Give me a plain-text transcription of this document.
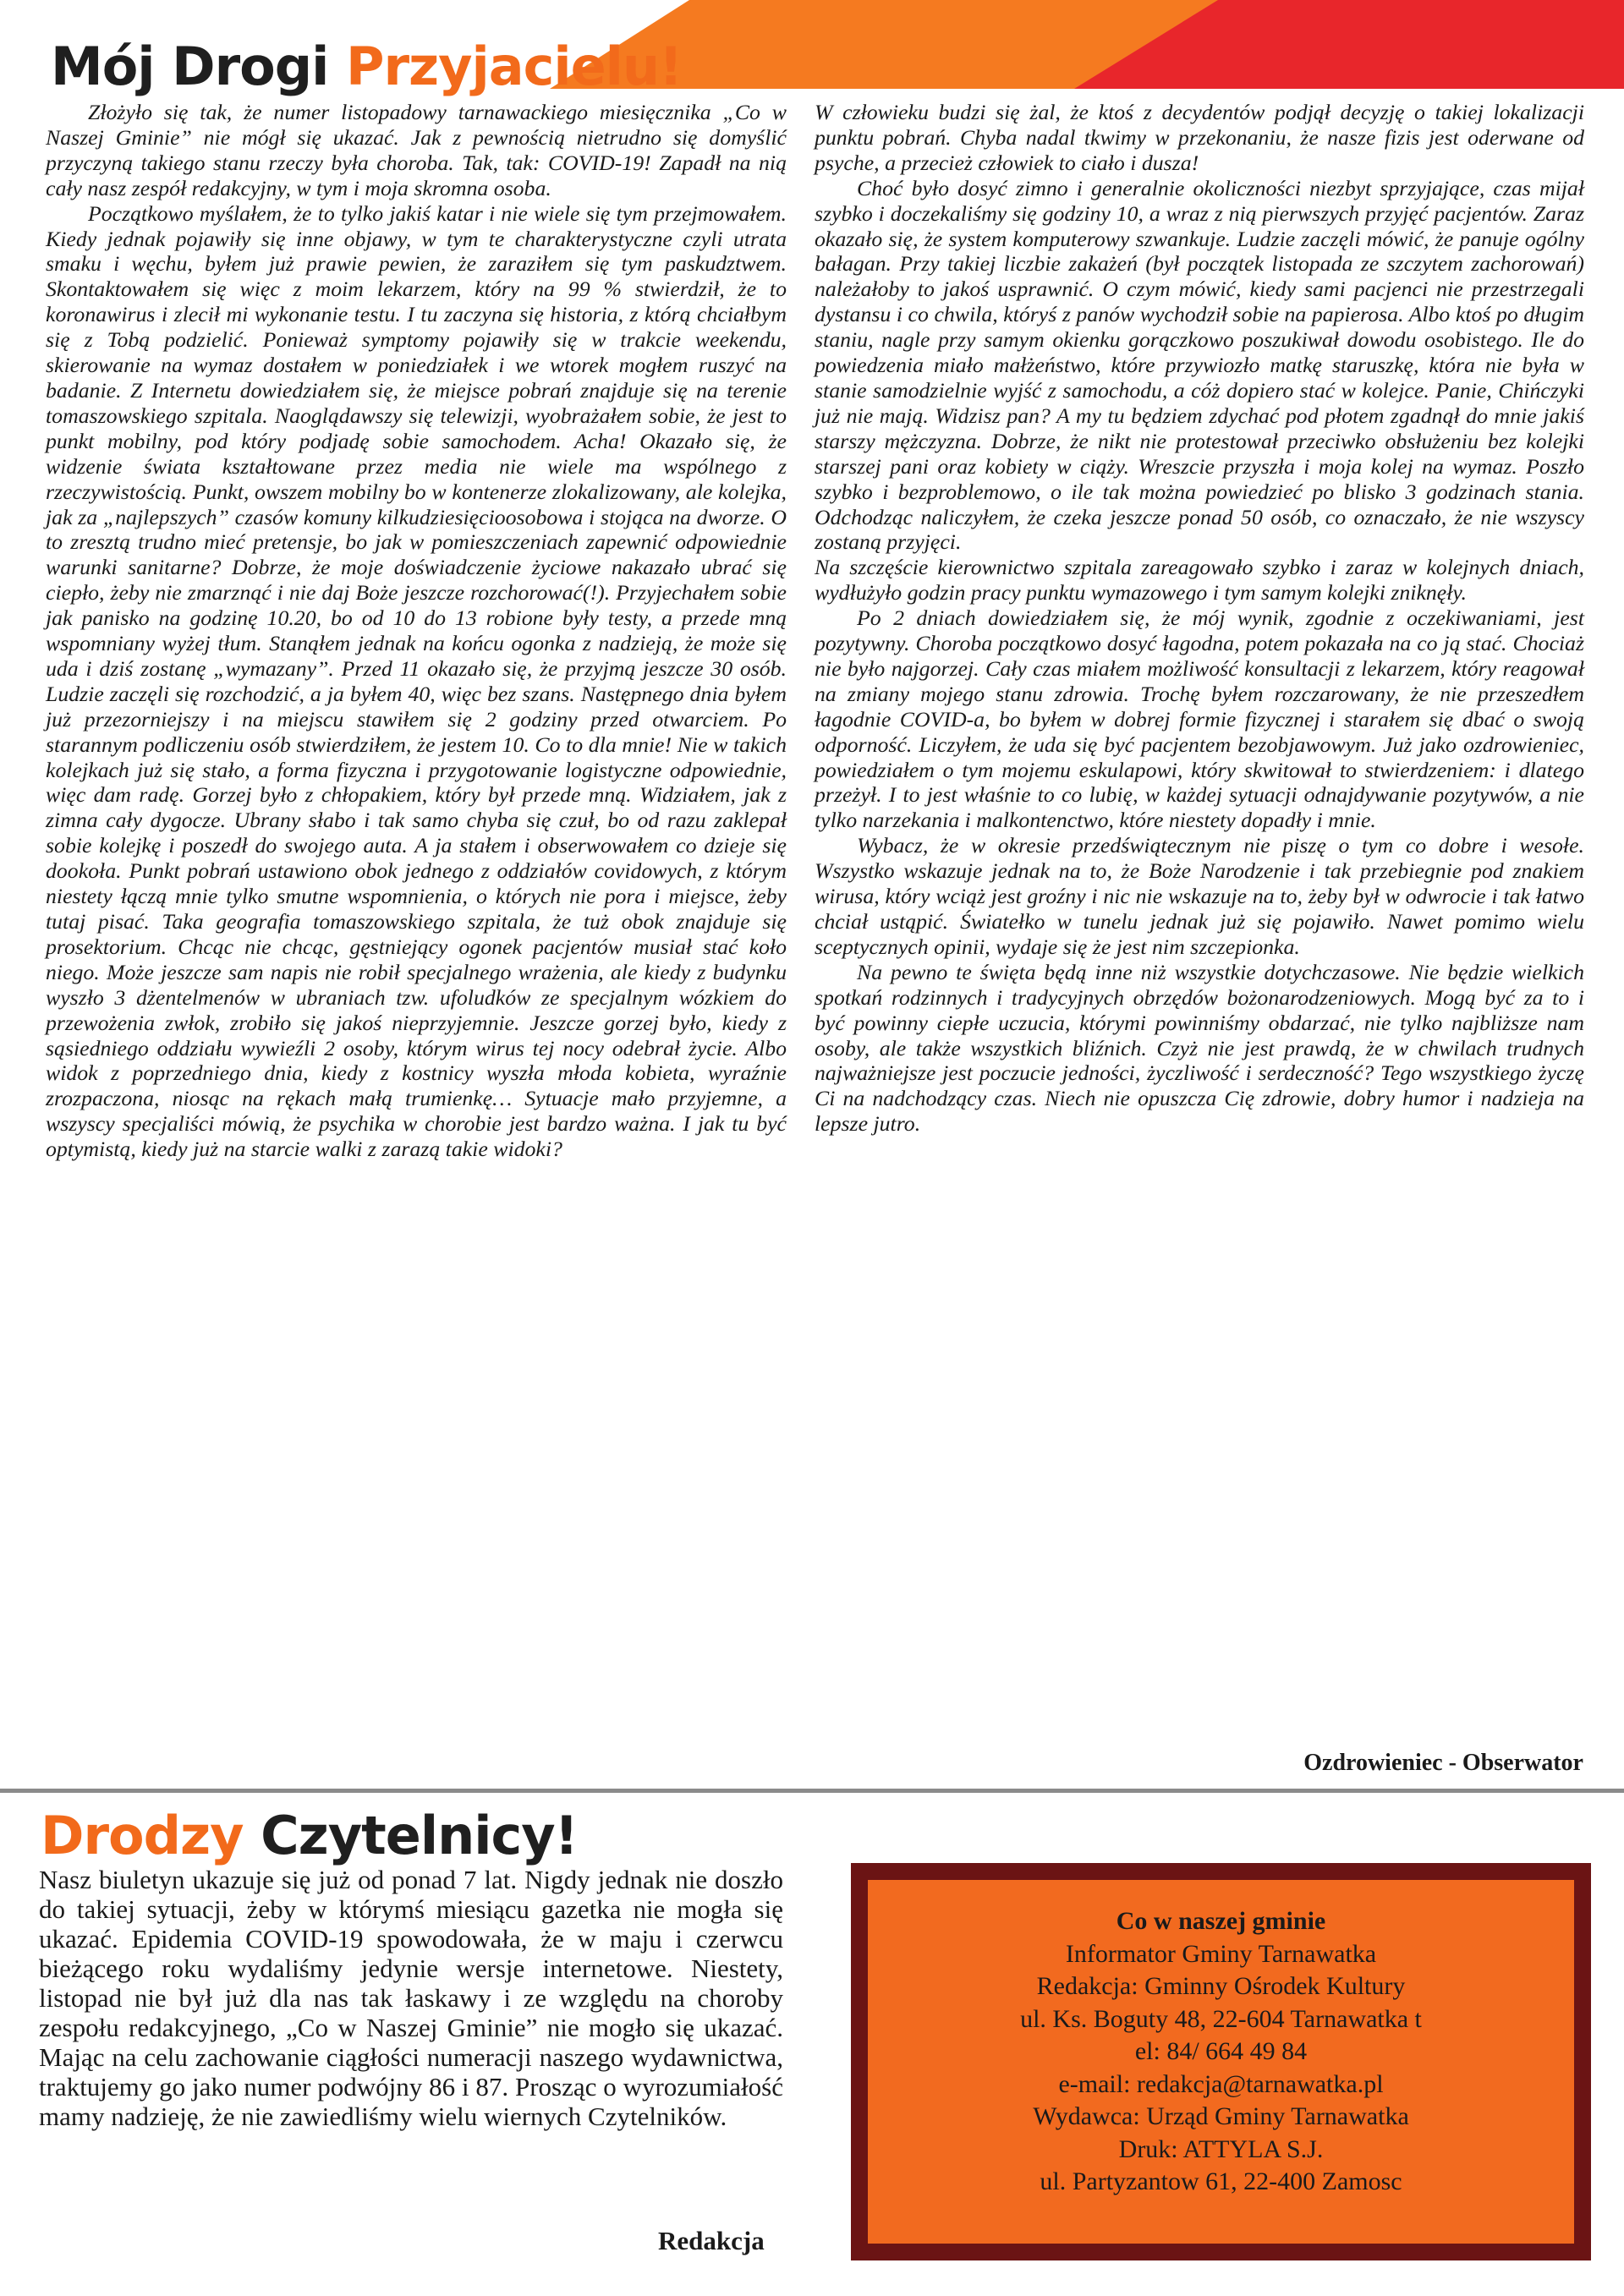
Mój Drogi Przyjacielu!

Złożyło się tak, że numer listopadowy tarnawackiego miesięcznika „Co w Naszej Gminie” nie mógł się ukazać. Jak z pewnością nietrudno się domyślić przyczyną takiego stanu rzeczy była choroba. Tak, tak: COVID-19! Zapadł na nią cały nasz zespół redakcyjny, w tym i moja skromna osoba.

Początkowo myślałem, że to tylko jakiś katar i nie wiele się tym przejmowałem. Kiedy jednak pojawiły się inne objawy, w tym te charakterystyczne czyli utrata smaku i węchu, byłem już prawie pewien, że zaraziłem się tym paskudztwem. Skontaktowałem się więc z moim lekarzem, który na 99 % stwierdził, że to koronawirus i zlecił mi wykonanie testu. I tu zaczyna się historia, z którą chciałbym się z Tobą podzielić. Ponieważ symptomy pojawiły się w trakcie weekendu, skierowanie na wymaz dostałem w poniedziałek i we wtorek mogłem ruszyć na badanie. Z Internetu dowiedziałem się, że miejsce pobrań znajduje się na terenie tomaszowskiego szpitala. Naoglądawszy się telewizji, wyobrażałem sobie, że jest to punkt mobilny, pod który podjadę sobie samochodem. Acha! Okazało się, że widzenie świata kształtowane przez media nie wiele ma wspólnego z rzeczywistością. Punkt, owszem mobilny bo w kontenerze zlokalizowany, ale kolejka, jak za „najlepszych” czasów komuny kilkudziesięcioosobowa i stojąca na dworze. O to zresztą trudno mieć pretensje, bo jak w pomieszczeniach zapewnić odpowiednie warunki sanitarne? Dobrze, że moje doświadczenie życiowe nakazało ubrać się ciepło, żeby nie zmarznąć i nie daj Boże jeszcze rozchorować(!). Przyjechałem sobie jak panisko na godzinę 10.20, bo od 10 do 13 robione były testy, a przede mną wspomniany wyżej tłum. Stanąłem jednak na końcu ogonka z nadzieją, że może się uda i dziś zostanę „wymazany”. Przed 11 okazało się, że przyjmą jeszcze 30 osób. Ludzie zaczęli się rozchodzić, a ja byłem 40, więc bez szans. Następnego dnia byłem już przezorniejszy i na miejscu stawiłem się 2 godziny przed otwarciem. Po starannym podliczeniu osób stwierdziłem, że jestem 10. Co to dla mnie! Nie w takich kolejkach już się stało, a forma fizyczna i przygotowanie logistyczne odpowiednie, więc dam radę. Gorzej było z chłopakiem, który był przede mną. Widziałem, jak z zimna cały dygocze. Ubrany słabo i tak samo chyba się czuł, bo od razu zaklepał sobie kolejkę i poszedł do swojego auta. A ja stałem i obserwowałem co dzieje się dookoła. Punkt pobrań ustawiono obok jednego z oddziałów covidowych, z którym niestety łączą mnie tylko smutne wspomnienia, o których nie pora i miejsce, żeby tutaj pisać. Taka geografia tomaszowskiego szpitala, że tuż obok znajduje się prosektorium. Chcąc nie chcąc, gęstniejący ogonek pacjentów musiał stać koło niego. Może jeszcze sam napis nie robił specjalnego wrażenia, ale kiedy z budynku wyszło 3 dżentelmenów w ubraniach tzw. ufoludków ze specjalnym wózkiem do przewożenia zwłok, zrobiło się jakoś nieprzyjemnie. Jeszcze gorzej było, kiedy z sąsiedniego oddziału wywieźli 2 osoby, którym wirus tej nocy odebrał życie. Albo widok z poprzedniego dnia, kiedy z kostnicy wyszła młoda kobieta, wyraźnie zrozpaczona, niosąc na rękach małą trumienkę… Sytuacje mało przyjemne, a wszyscy specjaliści mówią, że psychika w chorobie jest bardzo ważna. I jak tu być optymistą, kiedy już na starcie walki z zarazą takie widoki?

W człowieku budzi się żal, że ktoś z decydentów podjął decyzję o takiej lokalizacji punktu pobrań. Chyba nadal tkwimy w przekonaniu, że nasze fizis jest oderwane od psyche, a przecież człowiek to ciało i dusza!

Choć było dosyć zimno i generalnie okoliczności niezbyt sprzyjające, czas mijał szybko i doczekaliśmy się godziny 10, a wraz z nią pierwszych przyjęć pacjentów. Zaraz okazało się, że system komputerowy szwankuje. Ludzie zaczęli mówić, że panuje ogólny bałagan. Przy takiej liczbie zakażeń (był początek listopada ze szczytem zachorowań) należałoby to jakoś usprawnić. O czym mówić, kiedy sami pacjenci nie przestrzegali dystansu i co chwila, któryś z panów wychodził sobie na papierosa. Albo ktoś po długim staniu, nagle przy samym okienku gorączkowo poszukiwał dowodu osobistego. Ile do powiedzenia miało małżeństwo, które przywiozło matkę staruszkę, która nie była w stanie samodzielnie wyjść z samochodu, a cóż dopiero stać w kolejce. Panie, Chińczyki już nie mają. Widzisz pan? A my tu będziem zdychać pod płotem zgadnął do mnie jakiś starszy mężczyzna. Dobrze, że nikt nie protestował przeciwko obsłużeniu bez kolejki starszej pani oraz kobiety w ciąży. Wreszcie przyszła i moja kolej na wymaz. Poszło szybko i bezproblemowo, o ile tak można powiedzieć po blisko 3 godzinach stania. Odchodząc naliczyłem, że czeka jeszcze ponad 50 osób, co oznaczało, że nie wszyscy zostaną przyjęci.

Na szczęście kierownictwo szpitala zareagowało szybko i zaraz w kolejnych dniach, wydłużyło godzin pracy punktu wymazowego i tym samym kolejki zniknęły.

Po 2 dniach dowiedziałem się, że mój wynik, zgodnie z oczekiwaniami, jest pozytywny. Choroba początkowo dosyć łagodna, potem pokazała na co ją stać. Chociaż nie było najgorzej. Cały czas miałem możliwość konsultacji z lekarzem, który reagował na zmiany mojego stanu zdrowia. Trochę byłem rozczarowany, że nie przeszedłem łagodnie COVID-a, bo byłem w dobrej formie fizycznej i starałem się dbać o swoją odporność. Liczyłem, że uda się być pacjentem bezobjawowym. Już jako ozdrowieniec, powiedziałem o tym mojemu eskulapowi, który skwitował to stwierdzeniem: i dlatego przeżył. I to jest właśnie to co lubię, w każdej sytuacji odnajdywanie pozytywów, a nie tylko narzekania i malkontenctwo, które niestety dopadły i mnie.

Wybacz, że w okresie przedświątecznym nie piszę o tym co dobre i wesołe. Wszystko wskazuje jednak na to, że Boże Narodzenie i tak przebiegnie pod znakiem wirusa, który wciąż jest groźny i nic nie wskazuje na to, żeby był w odwrocie i tak łatwo chciał ustąpić. Światełko w tunelu jednak już się pojawiło. Nawet pomimo wielu sceptycznych opinii, wydaje się że jest nim szczepionka.

Na pewno te święta będą inne niż wszystkie dotychczasowe. Nie będzie wielkich spotkań rodzinnych i tradycyjnych obrzędów bożonarodzeniowych. Mogą być za to i być powinny ciepłe uczucia, którymi powinniśmy obdarzać, nie tylko najbliższe nam osoby, ale także wszystkich bliźnich. Czyż nie jest prawdą, że w chwilach trudnych najważniejsze jest poczucie jedności, życzliwość i serdeczność? Tego wszystkiego życzę Ci na nadchodzący czas. Niech nie opuszcza Cię zdrowie, dobry humor i nadzieja na lepsze jutro.

Ozdrowieniec - Obserwator
Drodzy Czytelnicy!

Nasz biuletyn ukazuje się już od ponad 7 lat. Nigdy jednak nie doszło do takiej sytuacji, żeby w którymś miesiącu gazetka nie mogła się ukazać. Epidemia COVID-19 spowodowała, że w maju i czerwcu bieżącego roku wydaliśmy jedynie wersje internetowe. Niestety, listopad nie był już dla nas tak łaskawy i ze względu na choroby zespołu redakcyjnego, „Co w Naszej Gminie” nie mogło się ukazać. Mając na celu zachowanie ciągłości numeracji naszego wydawnictwa, traktujemy go jako numer podwójny 86 i 87. Prosząc o wyrozumiałość mamy nadzieję, że nie zawiedliśmy wielu wiernych Czytelników.

Redakcja
Co w naszej gminie
Informator Gminy Tarnawatka
Redakcja: Gminny Ośrodek Kultury
ul. Ks. Boguty 48, 22-604 Tarnawatka t
el: 84/ 664 49 84
e-mail: redakcja@tarnawatka.pl
Wydawca: Urząd Gminy Tarnawatka
Druk: ATTYLA S.J.
ul. Partyzantow 61, 22-400 Zamosc
